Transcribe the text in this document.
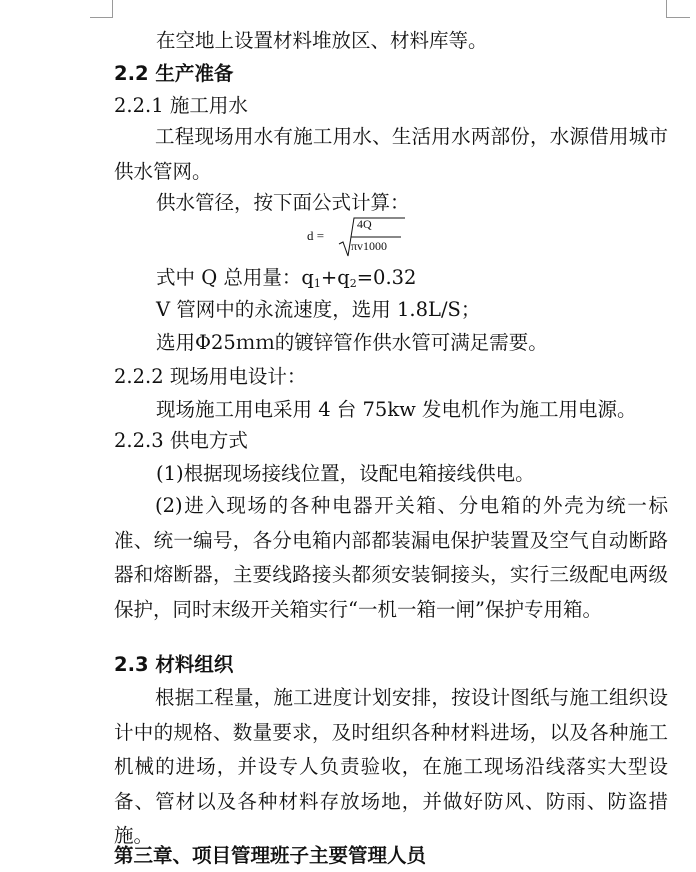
在空地上设置材料堆放区、材料库等。
2.2 生产准备
2.2.1 施工用水
工程现场用水有施工用水、生活用水两部份，水源借用城市供水管网。
供水管径，按下面公式计算：
d =
4Q
πv1000
式中 Q 总用量：$q_1+q_2=0.32$
V 管网中的永流速度，选用 1.8L/S；
选用Φ25ｍｍ的镀锌管作供水管可满足需要。
2.2.2 现场用电设计：
现场施工用电采用 4 台 75kw 发电机作为施工用电源。
2.2.3 供电方式
(1)根据现场接线位置，设配电箱接线供电。
(2)进入现场的各种电器开关箱、分电箱的外壳为统一标准、统一编号，各分电箱内部都装漏电保护装置及空气自动断路器和熔断器，主要线路接头都须安装铜接头，实行三级配电两级保护，同时末级开关箱实行“一机一箱一闸”保护专用箱。
2.3 材料组织
根据工程量，施工进度计划安排，按设计图纸与施工组织设计中的规格、数量要求，及时组织各种材料进场，以及各种施工机械的进场，并设专人负责验收，在施工现场沿线落实大型设备、管材以及各种材料存放场地，并做好防风、防雨、防盗措施。
第三章、项目管理班子主要管理人员
